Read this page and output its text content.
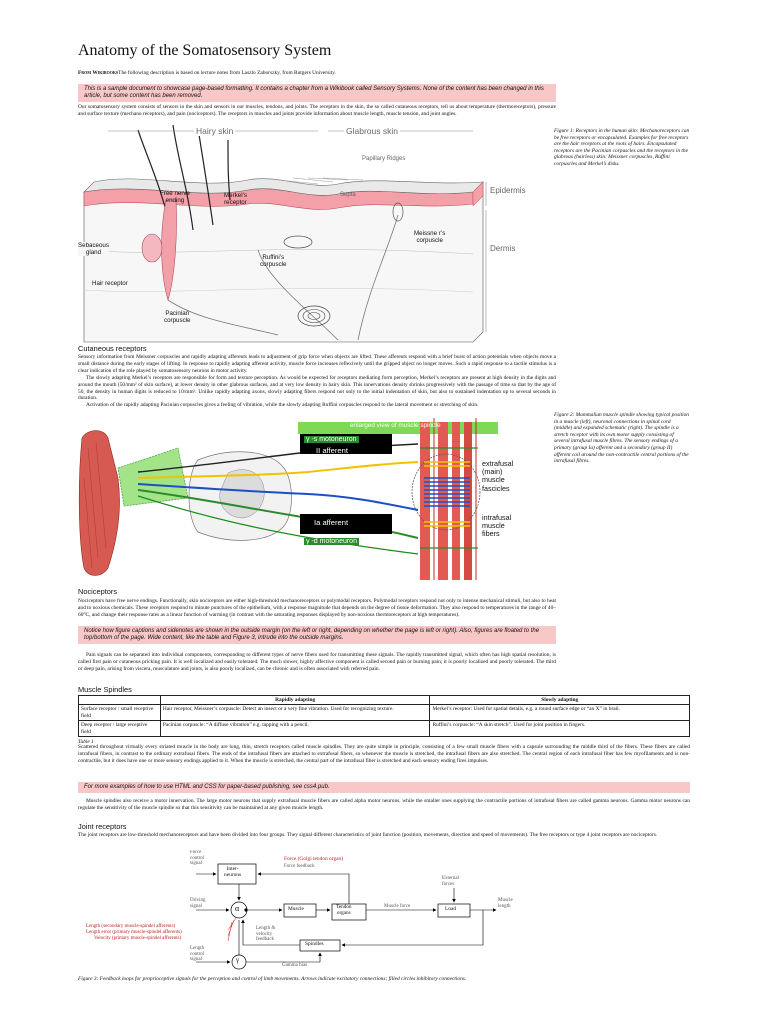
Anatomy of the Somatosensory System
From WikibooksThe following description is based on lecture notes from Laszlo Zaborszky, from Rutgers University.
This is a sample document to showcase page-based formatting. It contains a chapter from a Wikibook called Sensory Systems. None of the content has been changed in this article, but some content has been removed.
Our somatosensory system consists of sensors in the skin and sensors in our muscles, tendons, and joints. The receptors in the skin, the so called cutaneous receptors, tell us about temperature (thermoreceptors), pressure and surface texture (mechano receptors), and pain (nociceptors). The receptors in muscles and joints provide information about muscle length, muscle tension, and joint angles.
Hairy skin	Glabrous skin
Papillary Ridges
Septa
Free nerve
ending
Merkel’s
receptor
Epidermis
Dermis
Sebaceous
gland
Ruffini’s
corpuscle
Meissne r’s
corpuscle
Hair receptor
Pacinian
corpuscle
Figure 1: Receptors in the human skin: Mechanoreceptors can be free receptors or encapsulated. Examples for free receptors are the hair receptors at the roots of hairs. Encapsulated receptors are the Pacinian corpuscles and the receptors in the glabrous (hairless) skin: Meissner corpuscles, Ruffini corpuscles and Merkel’s disks.
Cutaneous receptors
Sensory information from Meissner corpuscles and rapidly adapting afferents leads to adjustment of grip force when objects are lifted. These afferents respond with a brief burst of action potentials when objects move a small distance during the early stages of lifting. In response to rapidly adapting afferent activity, muscle force increases reflexively until the gripped object no longer moves. Such a rapid response to a tactile stimulus is a clear indication of the role played by somatosensory neurons in motor activity.
The slowly adapting Merkel’s receptors are responsible for form and texture perception. As would be expected for receptors mediating form perception, Merkel’s receptors are present at high density in the digits and around the mouth (50/mm² of skin surface), at lower density in other glabrous surfaces, and at very low density in hairy skin. This innervations density shrinks progressively with the passage of time so that by the age of 50, the density in human digits is reduced to 10/mm². Unlike rapidly adapting axons, slowly adapting fibers respond not only to the initial indentation of skin, but also to sustained indentation up to several seconds in duration.
Activation of the rapidly adapting Pacinian corpuscles gives a feeling of vibration, while the slowly adapting Ruffini corpuscles respond to the lateral movement or stretching of skin.
enlarged view of muscle spindle
γ -s motoneuron
II afferent
Ia afferent
γ -d motoneuron
extrafusal
(main)
muscle
fascicles
intrafusal
muscle
fibers
Figure 2: Mammalian muscle spindle showing typical position in a muscle (left), neuronal connections in spinal cord (middle) and expanded schematic (right). The spindle is a stretch receptor with its own motor supply consisting of several intrafusal muscle fibres. The sensory endings of a primary (group Ia) afferent and a secondary (group II) afferent coil around the non-contractile central portions of the intrafusal fibres.
Nociceptors
Nociceptors have free nerve endings. Functionally, skin nociceptors are either high-threshold mechanoreceptors or polymodal receptors. Polymodal receptors respond not only to intense mechanical stimuli, but also to heat and to noxious chemicals. These receptors respond to minute punctures of the epithelium, with a response magnitude that depends on the degree of tissue deformation. They also respond to temperatures in the range of 40–60°C, and change their response rates as a linear function of warming (in contrast with the saturating responses displayed by non-noxious thermoreceptors at high temperatures).
Notice how figure captions and sidenotes are shown in the outside margin (on the left or right, depending on whether the page is left or right). Also, figures are floated to the top/bottom of the page. Wide content, like the table and Figure 3, intrude into the outside margins.
Pain signals can be separated into individual components, corresponding to different types of nerve fibers used for transmitting these signals. The rapidly transmitted signal, which often has high spatial resolution, is called first pain or cutaneous pricking pain. It is well localized and easily tolerated. The much slower, highly affective component is called second pain or burning pain; it is poorly localized and poorly tolerated. The third or deep pain, arising from viscera, musculature and joints, is also poorly localized, can be chronic and is often associated with referred pain.
Muscle Spindles
	Rapidly adapting	Slowly adapting
Surface receptor / small receptive field	Hair receptor, Meissner’s corpuscle: Detect an insect or a very fine vibration. Used for recognizing texture.	Merkel’s receptor: Used for spatial details, e.g. a round surface edge or “an X” in brail.
Deep receptor / large receptive field	Pacinian corpuscle: “A diffuse vibration” e.g. tapping with a pencil.	Ruffini’s corpuscle: “A skin stretch”. Used for joint position in fingers.
Table 1
Scattered throughout virtually every striated muscle in the body are long, thin, stretch receptors called muscle spindles. They are quite simple in principle, consisting of a few small muscle fibers with a capsule surrounding the middle third of the fibers. These fibers are called intrafusal fibers, in contrast to the ordinary extrafusal fibers. The ends of the intrafusal fibers are attached to extrafusal fibers, so whenever the muscle is stretched, the intrafusal fibers are also stretched. The central region of each intrafusal fiber has few myofilaments and is non-contractile, but it does have one or more sensory endings applied to it. When the muscle is stretched, the central part of the intrafusal fiber is stretched and each sensory ending fires impulses.
For more examples of how to use HTML and CSS for paper-based publishing, see css4.pub.
Muscle spindles also receive a motor innervation. The large motor neurons that supply extrafusal muscle fibers are called alpha motor neurons, while the smaller ones supplying the contractile portions of intrafusal fibers are called gamma neurons. Gamma motor neurons can regulate the sensitivity of the muscle spindle so that this sensitivity can be maintained at any given muscle length.
Joint receptors
The joint receptors are low-threshold mechanoreceptors and have been divided into four groups. They signal different characteristics of joint function (position, movements, direction and speed of movements). The free receptors or type 4 joint receptors are nociceptors.
Force
control
signal
Inter-
neurons
Force (Golgi tendon organ)
Force feedback
External
forces
Driving
signal	α	Muscle	Tendon
organs
Muscle force	Load
Muscle
length
Length (secondary muscle-spindel afferents)
Length error (primary muscle-spindel afferents)
Velocity (primary muscle-spindel afferents)
Length &
velocity
feedback
Spindles
Length
control
signal	γ
Gamma bias
Figure 3: Feedback loops for proprioceptive signals for the perception and control of limb movements. Arrows indicate excitatory connections; filled circles inhibitory connections.
